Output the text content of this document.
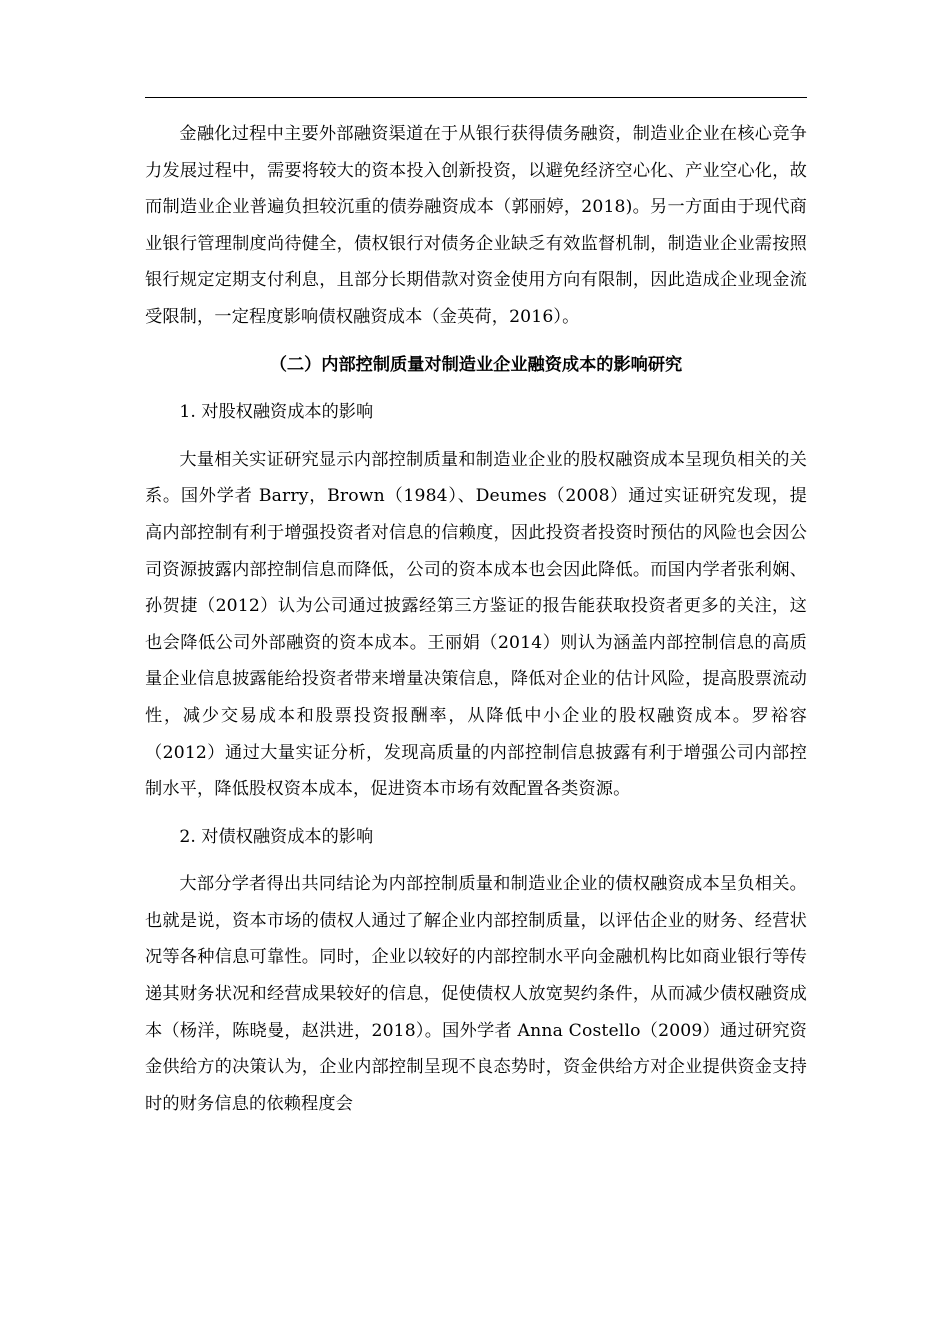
金融化过程中主要外部融资渠道在于从银行获得债务融资，制造业企业在核心竞争力发展过程中，需要将较大的资本投入创新投资，以避免经济空心化、产业空心化，故而制造业企业普遍负担较沉重的债券融资成本（郭丽婷，2018)。另一方面由于现代商业银行管理制度尚待健全，债权银行对债务企业缺乏有效监督机制，制造业企业需按照银行规定定期支付利息，且部分长期借款对资金使用方向有限制，因此造成企业现金流受限制，一定程度影响债权融资成本（金英荷，2016）。

（二）内部控制质量对制造业企业融资成本的影响研究

1. 对股权融资成本的影响

大量相关实证研究显示内部控制质量和制造业企业的股权融资成本呈现负相关的关系。国外学者 Barry，Brown（1984）、Deumes（2008）通过实证研究发现，提高内部控制有利于增强投资者对信息的信赖度，因此投资者投资时预估的风险也会因公司资源披露内部控制信息而降低，公司的资本成本也会因此降低。而国内学者张利娴、孙贺捷（2012）认为公司通过披露经第三方鉴证的报告能获取投资者更多的关注，这也会降低公司外部融资的资本成本。王丽娟（2014）则认为涵盖内部控制信息的高质量企业信息披露能给投资者带来增量决策信息，降低对企业的估计风险，提高股票流动性，减少交易成本和股票投资报酬率，从降低中小企业的股权融资成本。罗裕容（2012）通过大量实证分析，发现高质量的内部控制信息披露有利于增强公司内部控制水平，降低股权资本成本，促进资本市场有效配置各类资源。

2. 对债权融资成本的影响

大部分学者得出共同结论为内部控制质量和制造业企业的债权融资成本呈负相关。也就是说，资本市场的债权人通过了解企业内部控制质量，以评估企业的财务、经营状况等各种信息可靠性。同时，企业以较好的内部控制水平向金融机构比如商业银行等传递其财务状况和经营成果较好的信息，促使债权人放宽契约条件，从而减少债权融资成本（杨洋，陈晓曼，赵洪进，2018）。国外学者 Anna Costello（2009）通过研究资金供给方的决策认为，企业内部控制呈现不良态势时，资金供给方对企业提供资金支持时的财务信息的依赖程度会
